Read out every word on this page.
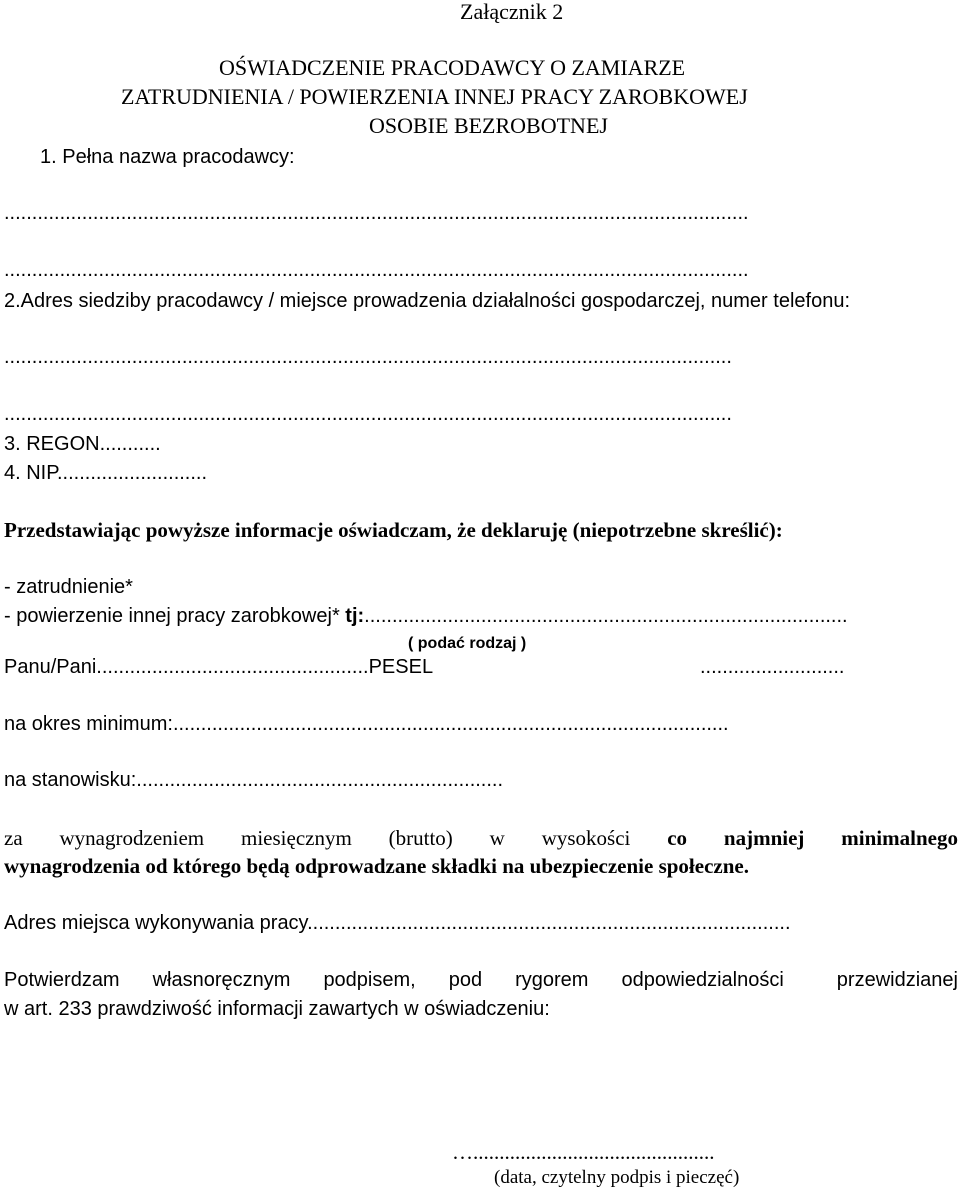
Załącznik 2
OŚWIADCZENIE PRACODAWCY O ZAMIARZE
ZATRUDNIENIA / POWIERZENIA INNEJ PRACY ZAROBKOWEJ
OSOBIE BEZROBOTNEJ
1. Pełna nazwa pracodawcy:
......................................................................................................................................
......................................................................................................................................
2.Adres siedziby pracodawcy / miejsce prowadzenia działalności gospodarczej, numer telefonu:
...................................................................................................................................
...................................................................................................................................
3. REGON...........
4. NIP...........................
Przedstawiając powyższe informacje oświadczam, że deklaruję (niepotrzebne skreślić):
- zatrudnienie*
- powierzenie innej pracy zarobkowej* tj:.......................................................................................
( podać rodzaj )
Panu/Pani.................................................PESEL	..........................
na okres minimum:....................................................................................................
na stanowisku:..................................................................
za wynagrodzeniem miesięcznym (brutto) w wysokości co najmniej minimalnego
wynagrodzenia od którego będą odprowadzane składki na ubezpieczenie społeczne.
Adres miejsca wykonywania pracy.......................................................................................
Potwierdzam własnoręcznym podpisem, pod rygorem odpowiedzialności	przewidzianej
w art. 233 prawdziwość informacji zawartych w oświadczeniu:
…..............................................
(data, czytelny podpis i pieczęć)
